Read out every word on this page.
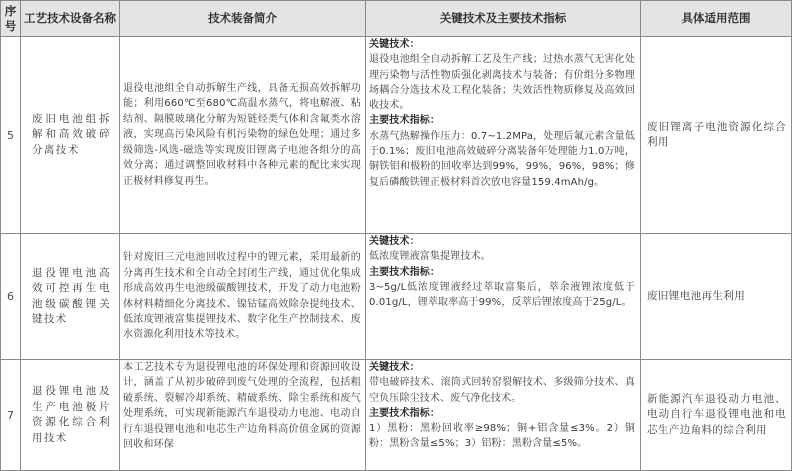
序号	工艺技术设备名称	技术装备简介	关键技术及主要技术指标	具体适用范围
5	废旧电池组拆解和高效破碎分离技术	退役电池组全自动拆解生产线，具备无损高效拆解功能；利用660℃至680℃高温水蒸气，将电解液、粘结剂、隔膜玻璃化分解为短链烃类气体和含氟类水溶液，实现高污染风险有机污染物的绿色处理；通过多级筛选-风选-磁选等实现废旧锂离子电池各组分的高效分离；通过调整回收材料中各种元素的配比来实现正极材料修复再生。	关键技术：
退役电池组全自动拆解工艺及生产线；过热水蒸气无害化处理污染物与活性物质强化剥离技术与装备；有价组分多物理场耦合分选技术及工程化装备；失效活性物质修复及高效回收技术。
主要技术指标：
水蒸气热解操作压力：0.7~1.2MPa，处理后氟元素含量低于0.1%；废旧电池高效破碎分离装备年处理能力1.0万吨，铜铁铝和极粉的回收率达到99%，99%，96%，98%；修复后磷酸铁锂正极材料首次放电容量159.4mAh/g。	废旧锂离子电池资源化综合利用
6	退役锂电池高效可控再生电池级碳酸锂关键技术	针对废旧三元电池回收过程中的锂元素，采用最新的分离再生技术和全自动全封闭生产线，通过优化集成形成高效再生电池级碳酸锂技术，开发了动力电池粉体材料精细化分离技术、镍钴锰高效除杂提纯技术、低浓度锂液富集提锂技术、数字化生产控制技术、废水资源化利用技术等技术。	关键技术：
低浓度锂液富集提锂技术。
主要技术指标：
3~5g/L低浓度锂液经过萃取富集后，萃余液锂浓度低于0.01g/L，锂萃取率高于99%，反萃后锂浓度高于25g/L。	废旧锂电池再生利用
7	退役锂电池及生产电池极片资源化综合利用技术	本工艺技术专为退役锂电池的环保处理和资源回收设计，涵盖了从初步破碎到废气处理的全流程，包括粗破系统、裂解冷却系统、精破系统、除尘系统和废气处理系统，可实现新能源汽车退役动力电池、电动自行车退役锂电池和电芯生产边角料高价值金属的资源回收和环保	关键技术：
带电破碎技术、滚筒式回转窑裂解技术、多级筛分技术、真空负压除尘技术、废气净化技术。
主要技术指标：
1）黑粉：黑粉回收率≥98%；铜+铝含量≤3%。2）铜粉：黑粉含量≤5%；3）铝粉：黑粉含量≤5%。	新能源汽车退役动力电池、电动自行车退役锂电池和电芯生产边角料的综合利用
